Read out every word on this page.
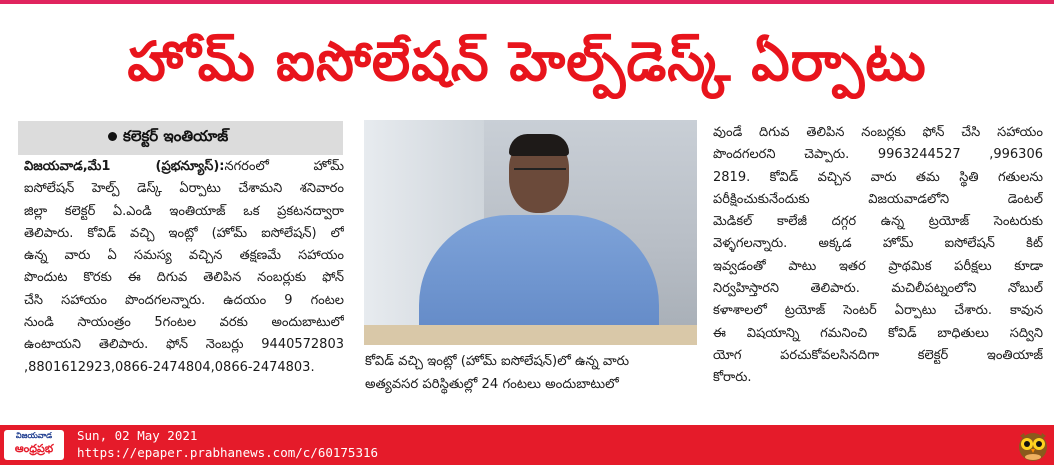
హోమ్ ఐసోలేషన్ హెల్ప్‌డెస్క్ ఏర్పాటు
కలెక్టర్ ఇంతియాజ్
విజయవాడ,మే1 (ప్రభన్యూస్):నగరంలో హోమ్
ఐసోలేషన్ హెల్ప్ డెస్క్ ఏర్పాటు చేశామని శనివారం
జిల్లా కలెక్టర్ ఏ.ఎండి ఇంతియాజ్ ఒక ప్రకటనద్వారా
తెలిపారు. కోవిడ్ వచ్చి ఇంట్లో (హోమ్ ఐసోలేషన్) లో
ఉన్న వారు ఏ సమస్య వచ్చిన తక్షణమే సహాయం
పొందుట కొరకు ఈ దిగువ తెలిపిన నంబర్లుకు ఫోన్
చేసి సహాయం పొందగలన్నారు. ఉదయం 9 గంటల
నుండి సాయంత్రం 5గంటల వరకు అందుబాటులో
ఉంటాయని తెలిపారు. ఫోన్ నెంబర్లు 9440572803
,8801612923,0866-2474804,0866-2474803.	కోవిడ్ వచ్చి ఇంట్లో (హోమ్ ఐసోలేషన్)లో ఉన్న వారు
అత్యవసర పరిస్థితుల్లో 24 గంటలు అందుబాటులో
వుండే దిగువ తెలిపిన నంబర్లకు ఫోన్ చేసి సహాయం
పొందగలరని చెప్పారు. 9963244527 ,996306
2819. కోవిడ్ వచ్చిన వారు తమ స్థితి గతులను
పరీక్షించుకునేందుకు విజయవాడలోని డెంటల్
మెడికల్ కాలేజీ దగ్గర ఉన్న ట్రయోజ్ సెంటరుకు
వెళ్ళగలన్నారు. అక్కడ హోమ్ ఐసోలేషన్ కిట్
ఇవ్వడంతో పాటు ఇతర ప్రాథమిక పరీక్షలు కూడా
నిర్వహిస్తారని తెలిపారు. మచిలీపట్నంలోని నోబుల్
కళాశాలలో ట్రయోజ్ సెంటర్ ఏర్పాటు చేశారు. కావున
ఈ విషయాన్ని గమనించి కోవిడ్ బాధితులు సద్విని
యోగ పరచుకోవలసినదిగా కలెక్టర్ ఇంతియాజ్
కోరారు.
విజయవాడ
ఆంధ్రప్రభ
Sun, 02 May 2021
https://epaper.prabhanews.com/c/60175316
